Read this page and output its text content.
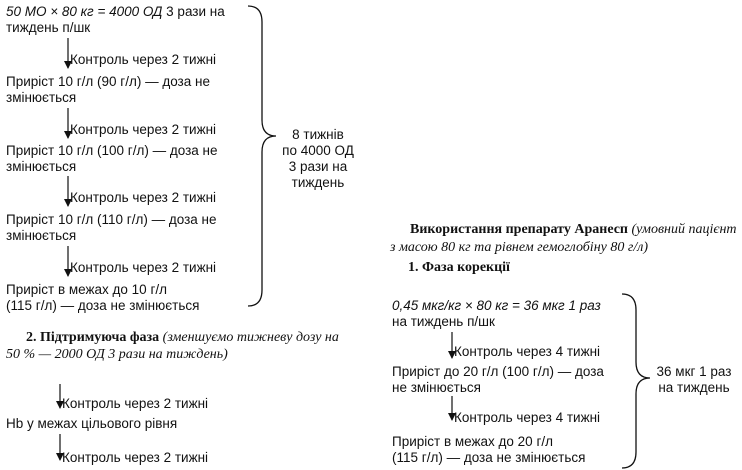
50 МО × 80 кг = 4000 ОД 3 рази на
тиждень п/шк
Контроль через 2 тижні
Приріст 10 г/л (90 г/л) — доза не
змінюється
Контроль через 2 тижні
Приріст 10 г/л (100 г/л) — доза не
змінюється
Контроль через 2 тижні
Приріст 10 г/л (110 г/л) — доза не
змінюється
Контроль через 2 тижні
Приріст в межах до 10 г/л
(115 г/л) — доза не змінюється
8 тижнів
по 4000 ОД
3 рази на
тиждень
2. Підтримуюча фаза (зменшуємо тижневу дозу на
50 % — 2000 ОД 3 рази на тиждень)
Контроль через 2 тижні
Hb у межах цільового рівня
Контроль через 2 тижні
Використання препарату Аранесп (умовний пацієнт
з масою 80 кг та рівнем гемоглобіну 80 г/л)
1. Фаза корекції
0,45 мкг/кг × 80 кг = 36 мкг 1 раз
на тиждень п/шк
Контроль через 4 тижні
Приріст до 20 г/л (100 г/л) — доза
не змінюється
Контроль через 4 тижні
Приріст в межах до 20 г/л
(115 г/л) — доза не змінюється
36 мкг 1 раз
на тиждень
